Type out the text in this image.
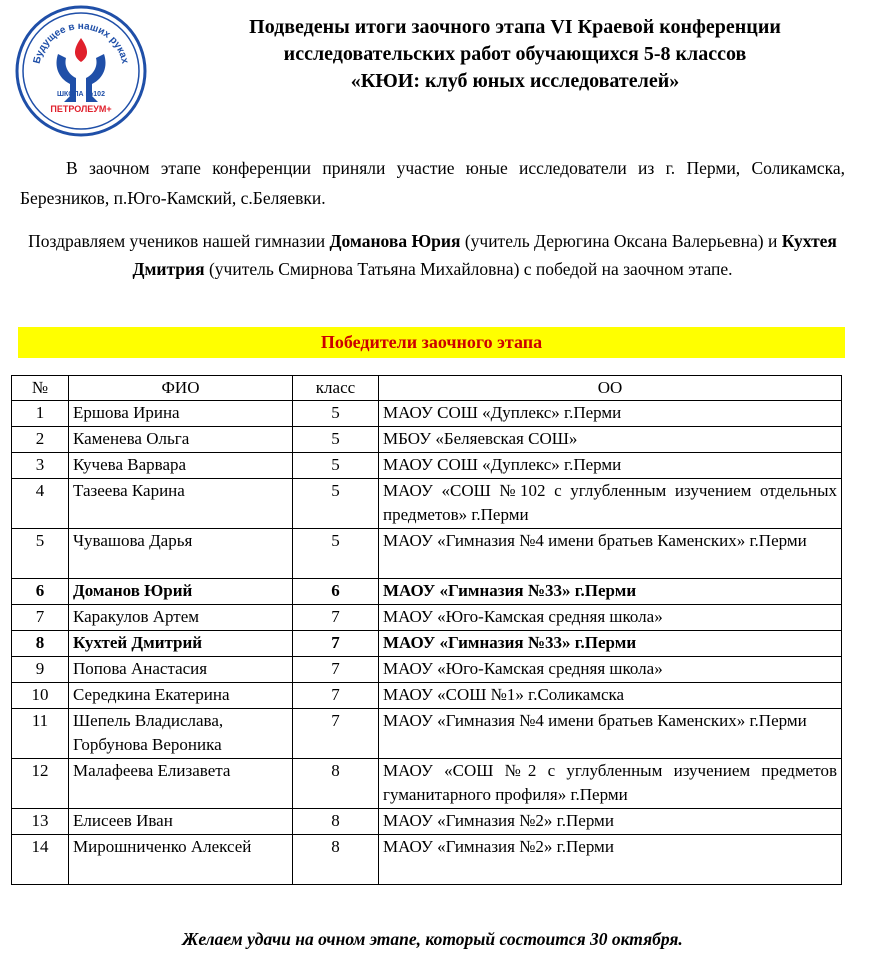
Будущее в наших руках
ШКОЛА №102
ПЕТРОЛЕУМ+
Подведены итоги заочного этапа VI Краевой конференции
исследовательских работ обучающихся 5-8 классов
«КЮИ: клуб юных исследователей»

В заочном этапе конференции приняли участие юные исследователи из г. Перми, Соликамска, Березников, п.Юго-Камский, с.Беляевки.

Поздравляем учеников нашей гимназии Доманова Юрия (учитель Дерюгина Оксана Валерьевна) и Кухтея Дмитрия (учитель Смирнова Татьяна Михайловна) с победой на заочном этапе.

Победители заочного этапа
№	ФИО	класс	ОО
1	Ершова Ирина	5	МАОУ СОШ «Дуплекс» г.Перми
2	Каменева Ольга	5	МБОУ «Беляевская СОШ»
3	Кучева Варвара	5	МАОУ СОШ «Дуплекс» г.Перми
4	Тазеева Карина	5	МАОУ «СОШ №102 с углубленным изучением отдельных предметов» г.Перми
5	Чувашова Дарья	5	МАОУ «Гимназия №4 имени братьев Каменских» г.Перми
6	Доманов Юрий	6	МАОУ «Гимназия №33» г.Перми
7	Каракулов Артем	7	МАОУ «Юго-Камская средняя школа»
8	Кухтей Дмитрий	7	МАОУ «Гимназия №33» г.Перми
9	Попова Анастасия	7	МАОУ «Юго-Камская средняя школа»
10	Середкина Екатерина	7	МАОУ «СОШ №1» г.Соликамска
11	Шепель Владислава, Горбунова Вероника	7	МАОУ «Гимназия №4 имени братьев Каменских» г.Перми
12	Малафеева Елизавета	8	МАОУ «СОШ №2 с углубленным изучением предметов гуманитарного профиля» г.Перми
13	Елисеев Иван	8	МАОУ «Гимназия №2» г.Перми
14	Мирошниченко Алексей	8	МАОУ «Гимназия №2» г.Перми

Желаем удачи на очном этапе, который состоится 30 октября.
